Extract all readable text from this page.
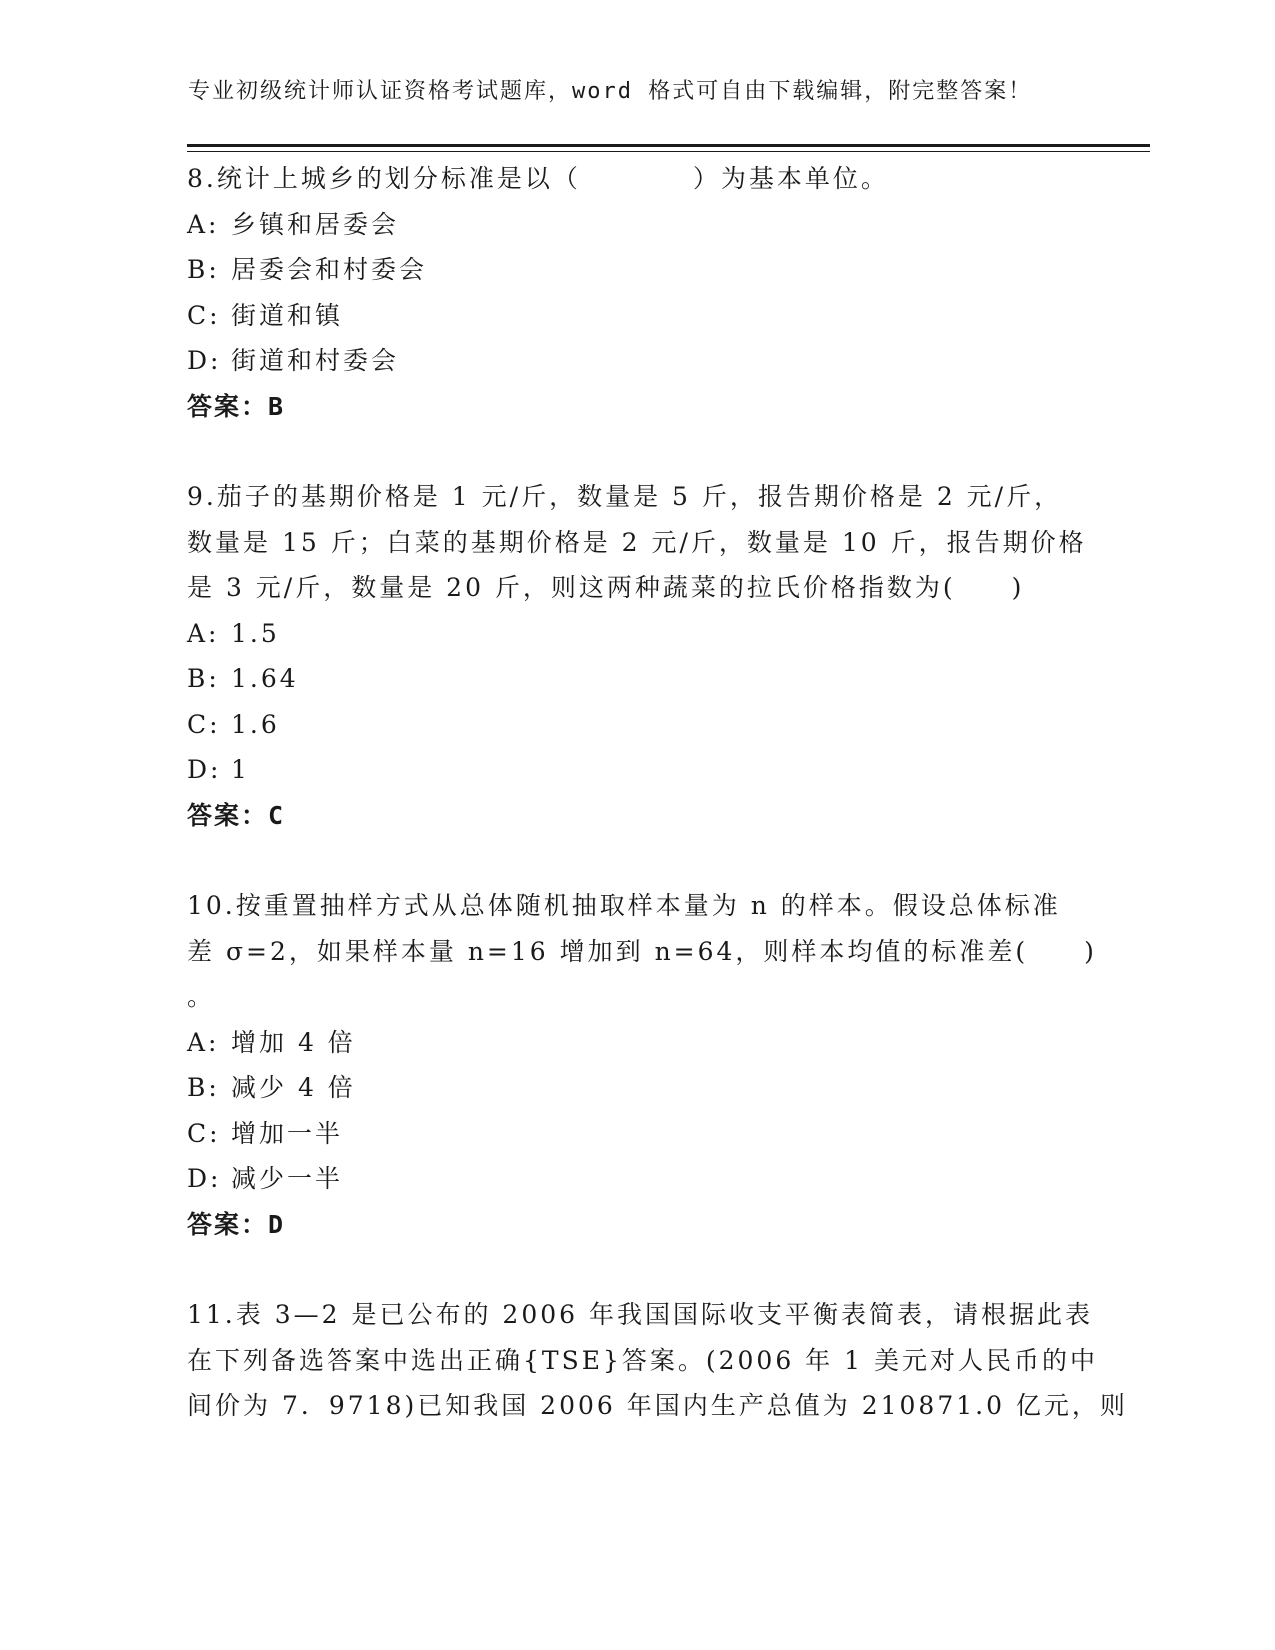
专业初级统计师认证资格考试题库，word 格式可自由下载编辑，附完整答案！
8.统计上城乡的划分标准是以（　　　　）为基本单位。
A: 乡镇和居委会
B: 居委会和村委会
C: 街道和镇
D: 街道和村委会
答案：B
9.茄子的基期价格是 1 元/斤，数量是 5 斤，报告期价格是 2 元/斤，
数量是 15 斤；白菜的基期价格是 2 元/斤，数量是 10 斤，报告期价格
是 3 元/斤，数量是 20 斤，则这两种蔬菜的拉氏价格指数为(　　)
A: 1.5
B: 1.64
C: 1.6
D: 1
答案：C
10.按重置抽样方式从总体随机抽取样本量为 n 的样本。假设总体标准
差 σ=2，如果样本量 n=16 增加到 n=64，则样本均值的标准差(　　)
。
A: 增加 4 倍
B: 减少 4 倍
C: 增加一半
D: 减少一半
答案：D
11.表 3—2 是已公布的 2006 年我国国际收支平衡表简表，请根据此表
在下列备选答案中选出正确{TSE}答案。(2006 年 1 美元对人民币的中
间价为 7．9718)已知我国 2006 年国内生产总值为 210871.0 亿元，则
